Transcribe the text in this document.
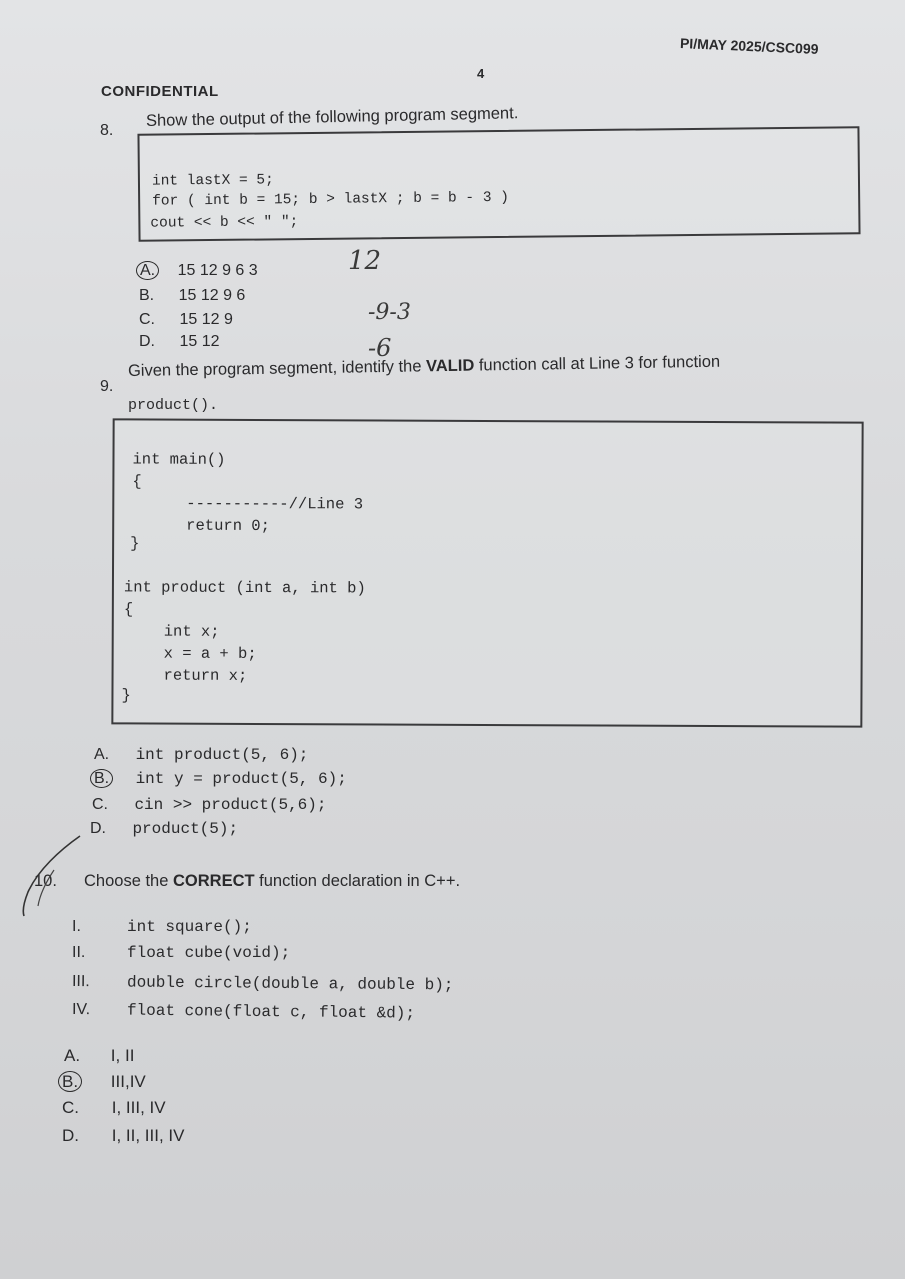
PI/MAY 2025/CSC099
4
CONFIDENTIAL
8.
Show the output of the following program segment.
int lastX = 5;
for ( int b = 15; b > lastX ; b = b - 3 )
cout << b << " ";
A. 15 12 9 6 3
B. 15 12 9 6
C. 15 12 9
D. 15 12
12
-9-3
-6
9.
Given the program segment, identify the VALID function call at Line 3 for function
product().
int main()
{
-----------//Line 3
return 0;
}
int product (int a, int b)
{
int x;
x = a + b;
return x;
}
A. int product(5, 6);
B. int y = product(5, 6);
C. cin >> product(5,6);
D. product(5);
10. Choose the CORRECT function declaration in C++.
I.	int square();
II.	float cube(void);
III. double circle(double a, double b);
IV. float cone(float c, float &d);
A. I, II
B. III,IV
C. I, III, IV
D. I, II, III, IV
